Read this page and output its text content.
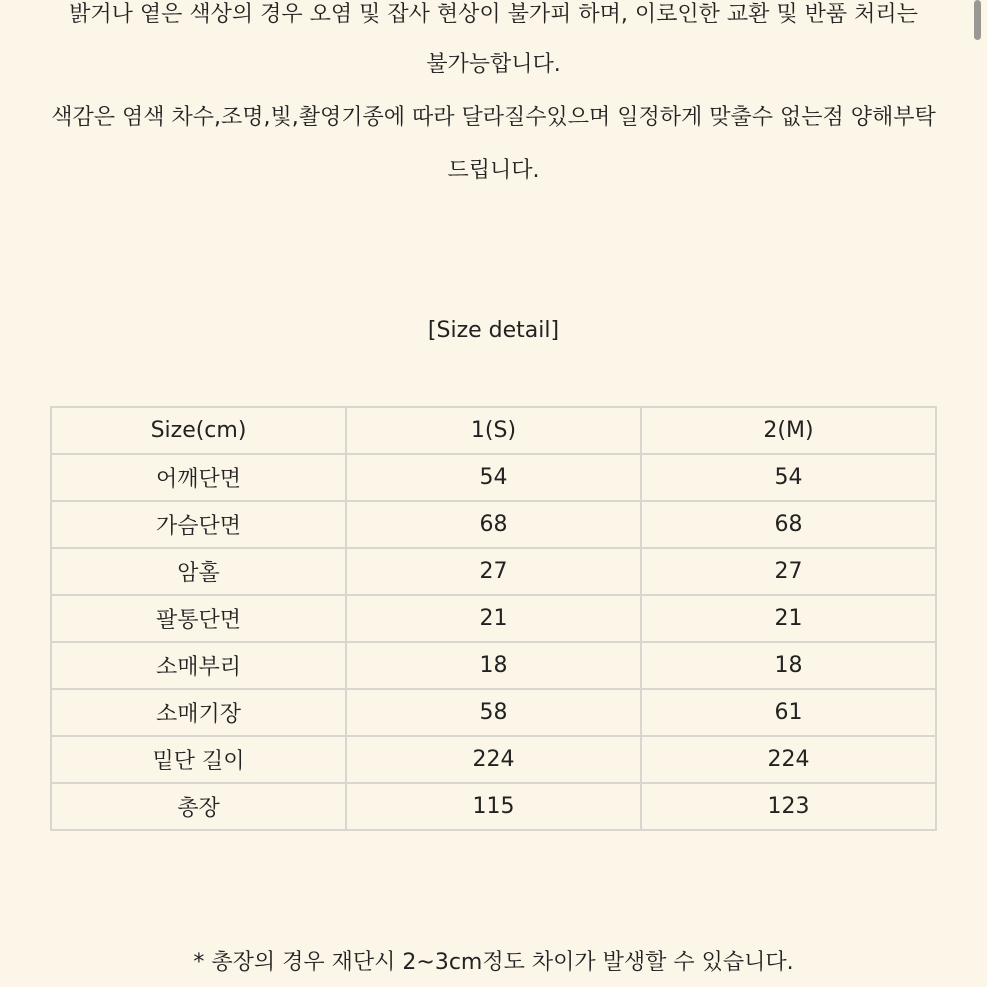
밝거나 옅은 색상의 경우 오염 및 잡사 현상이 불가피 하며, 이로인한 교환 및 반품 처리는
불가능합니다.
색감은 염색 차수,조명,빛,촬영기종에 따라 달라질수있으며 일정하게 맞출수 없는점 양해부탁
드립니다.
[Size detail]
Size(cm)	1(S)	2(M)
어깨단면	54	54
가슴단면	68	68
암홀	27	27
팔통단면	21	21
소매부리	18	18
소매기장	58	61
밑단 길이	224	224
총장	115	123
* 총장의 경우 재단시 2~3cm정도 차이가 발생할 수 있습니다.
